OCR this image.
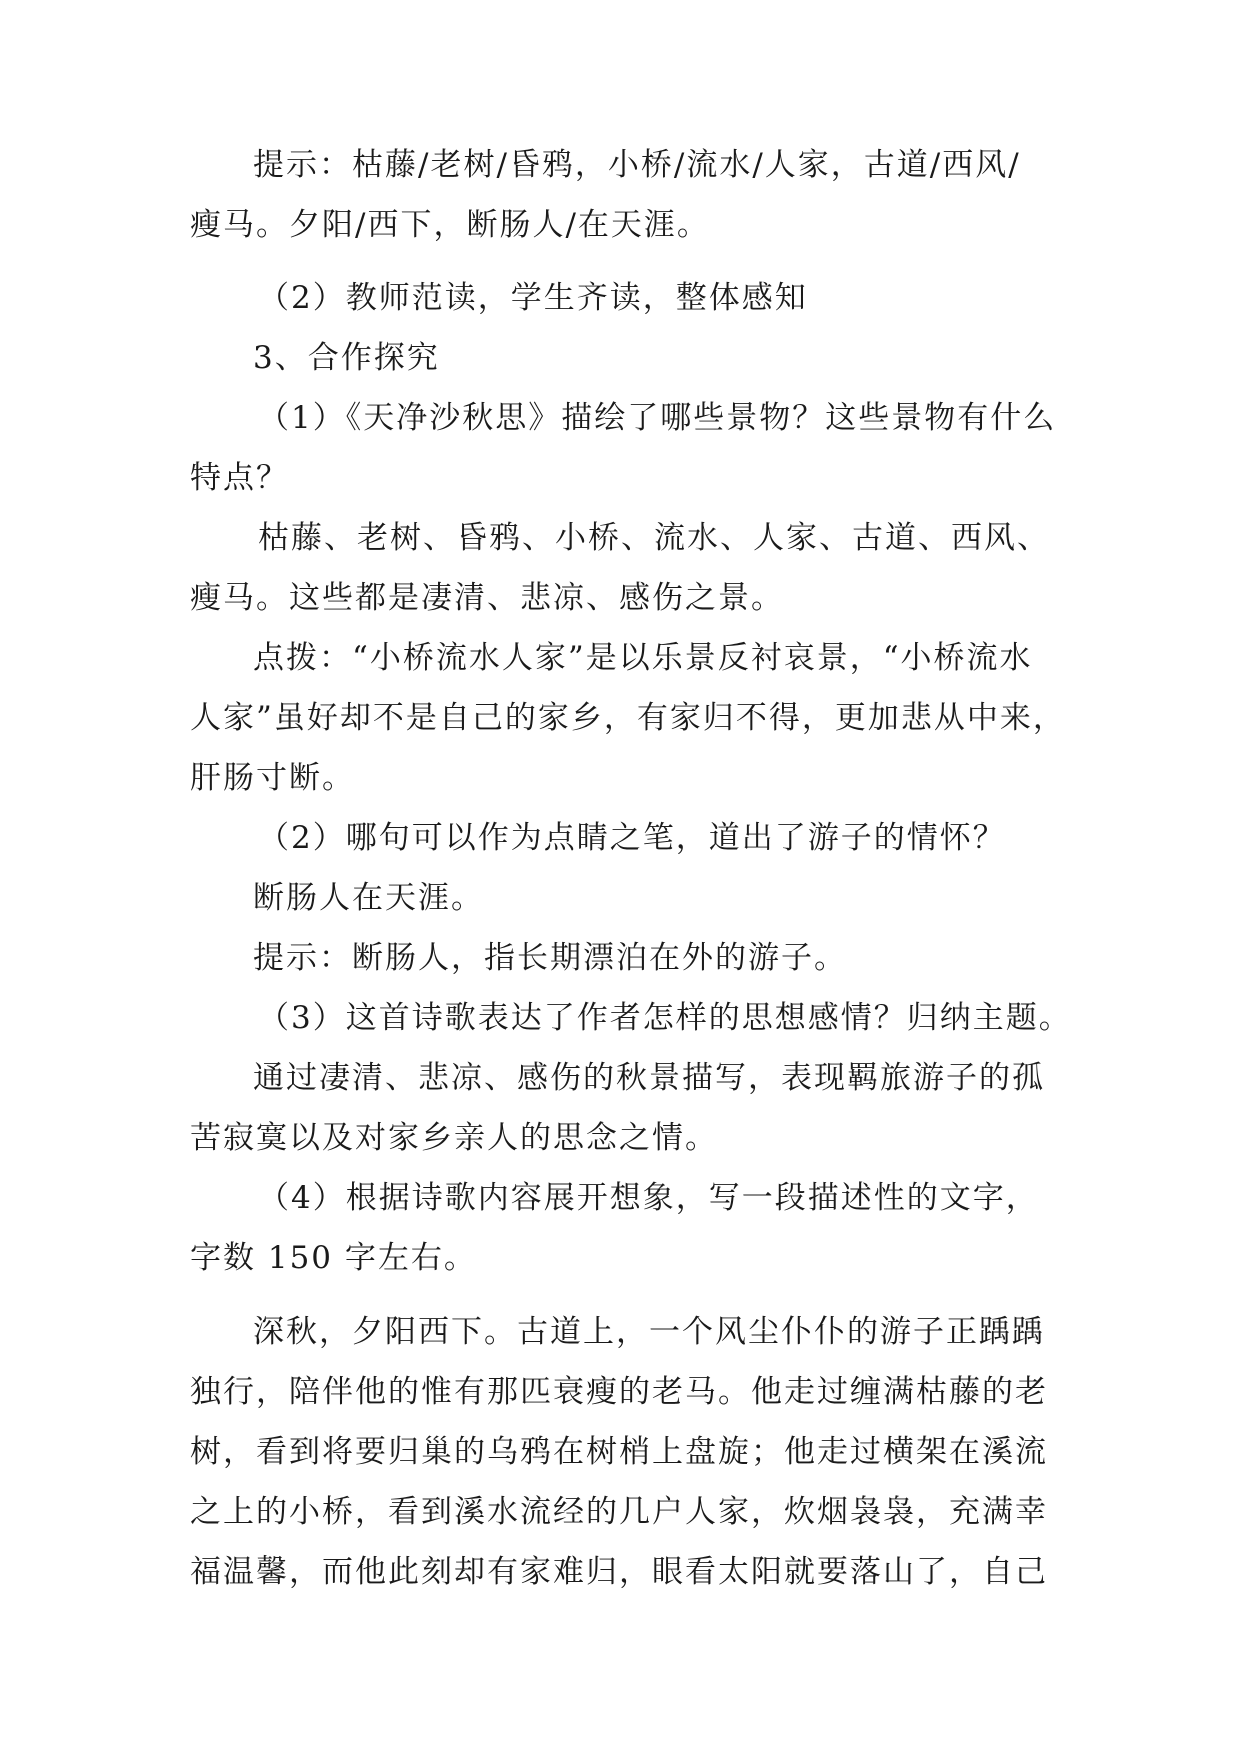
提示：枯藤/老树/昏鸦，小桥/流水/人家，古道/西风/
瘦马。夕阳/西下，断肠人/在天涯。
（2）教师范读，学生齐读，整体感知
3、合作探究
（1）《天净沙秋思》描绘了哪些景物？这些景物有什么
特点？
枯藤、老树、昏鸦、小桥、流水、人家、古道、西风、
瘦马。这些都是凄清、悲凉、感伤之景。
点拨：“小桥流水人家”是以乐景反衬哀景，“小桥流水
人家”虽好却不是自己的家乡，有家归不得，更加悲从中来，
肝肠寸断。
（2）哪句可以作为点睛之笔，道出了游子的情怀？
断肠人在天涯。
提示：断肠人，指长期漂泊在外的游子。
（3）这首诗歌表达了作者怎样的思想感情？归纳主题。
通过凄清、悲凉、感伤的秋景描写，表现羁旅游子的孤
苦寂寞以及对家乡亲人的思念之情。
（4）根据诗歌内容展开想象，写一段描述性的文字，
字数 150 字左右。
深秋，夕阳西下。古道上，一个风尘仆仆的游子正踽踽
独行，陪伴他的惟有那匹衰瘦的老马。他走过缠满枯藤的老
树，看到将要归巢的乌鸦在树梢上盘旋；他走过横架在溪流
之上的小桥，看到溪水流经的几户人家，炊烟袅袅，充满幸
福温馨，而他此刻却有家难归，眼看太阳就要落山了，自己
